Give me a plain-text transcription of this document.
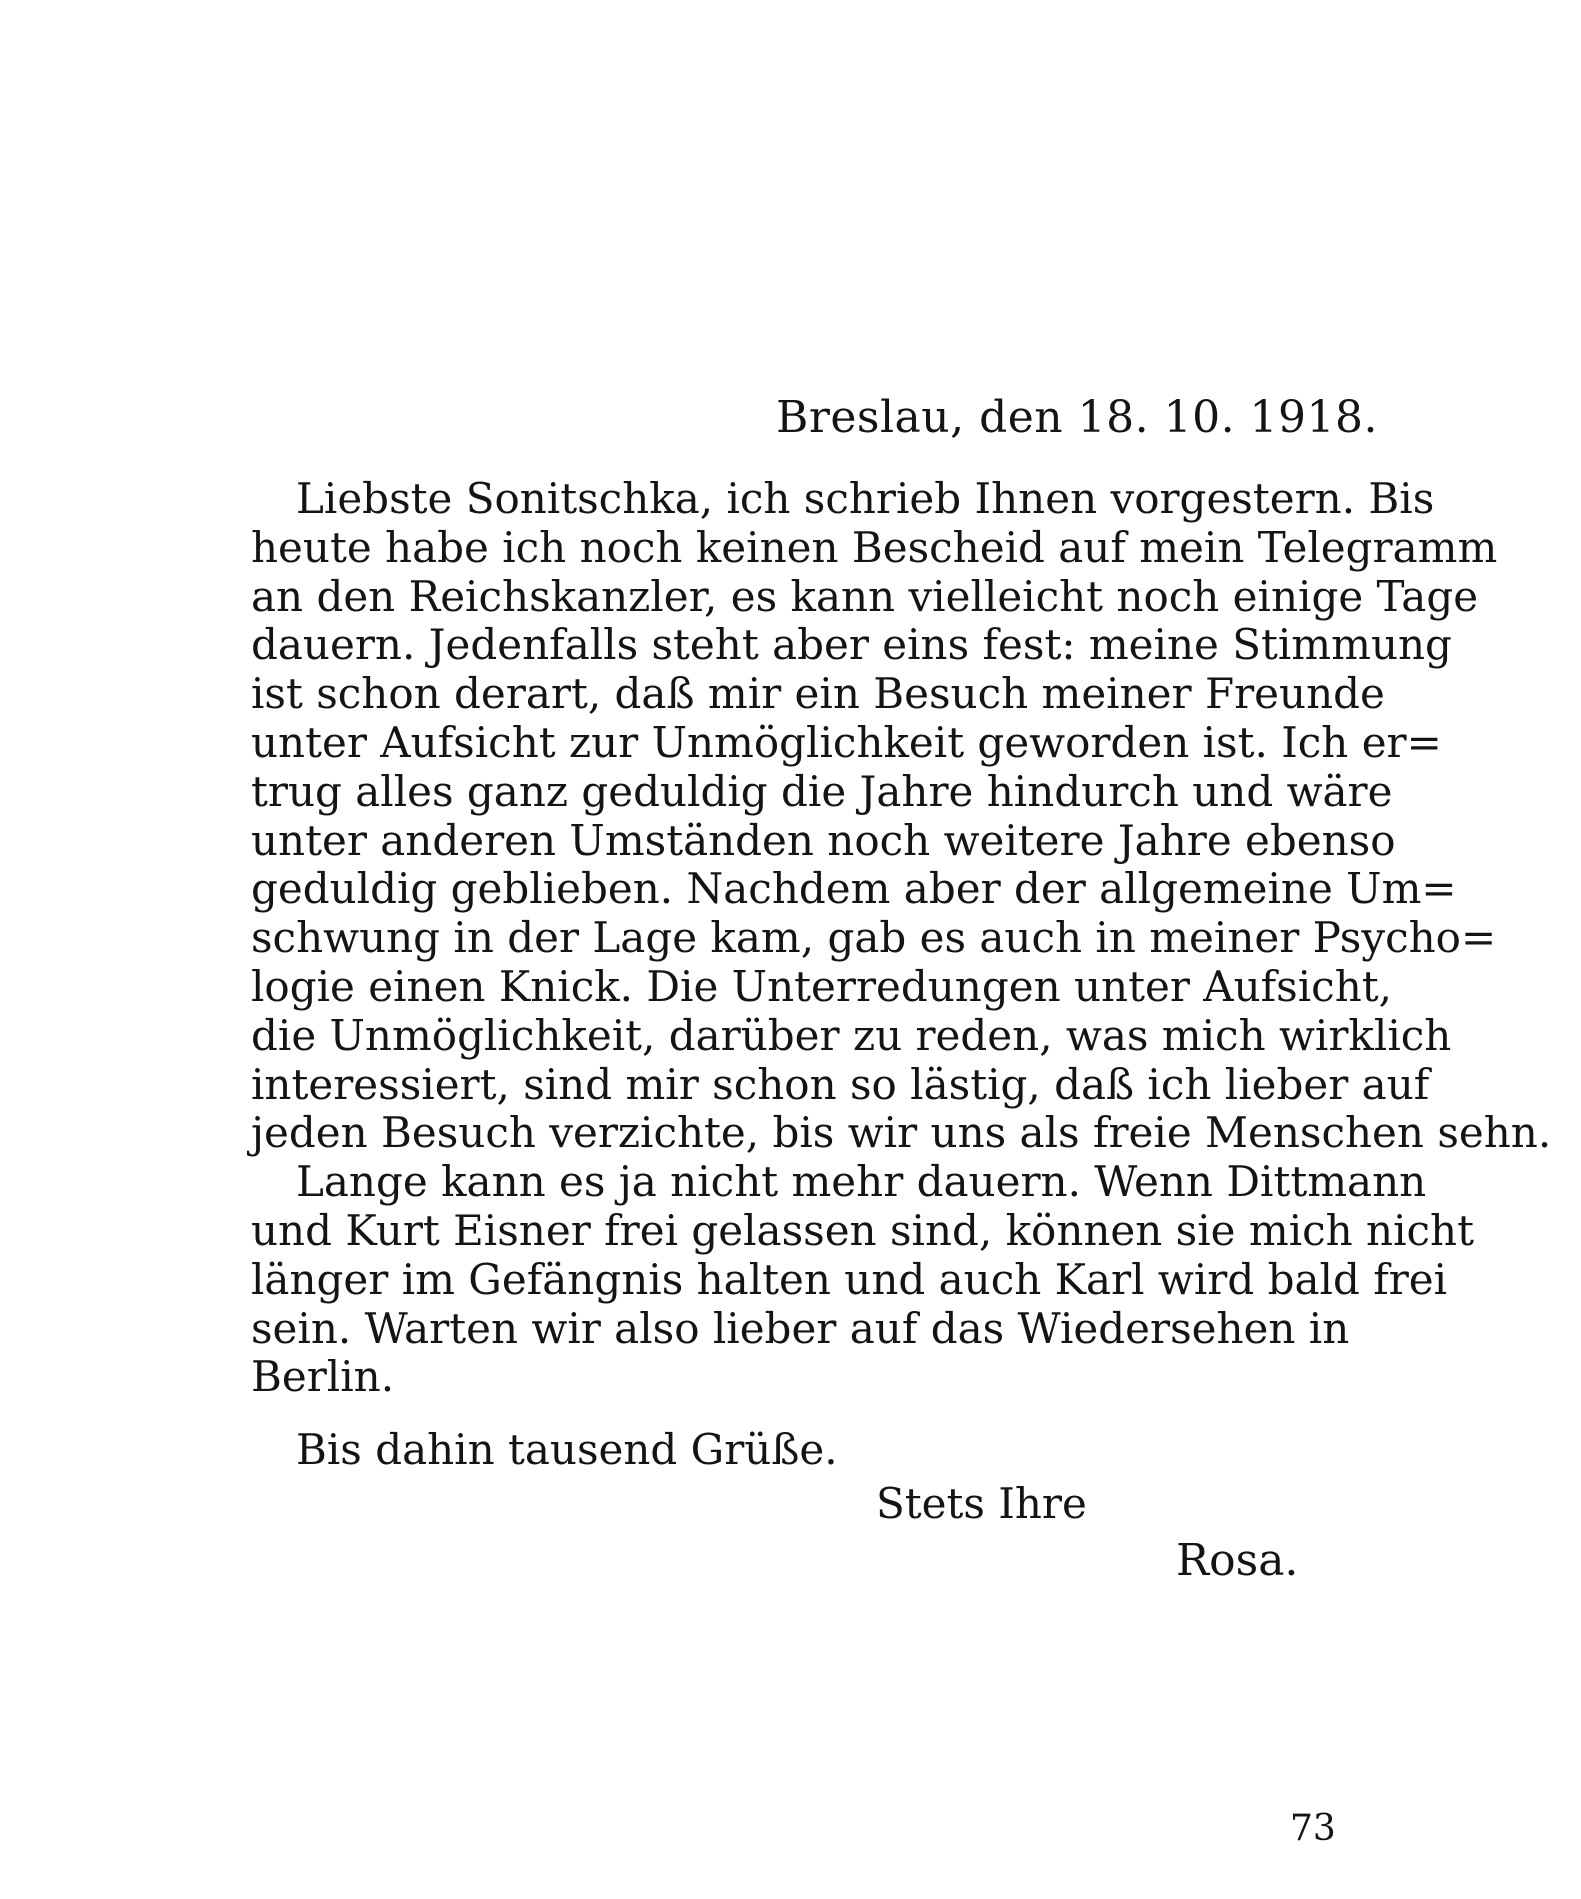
Breslau, den 18. 10. 1918.
Liebste Sonitschka, ich schrieb Ihnen vorgestern. Bis
heute habe ich noch keinen Bescheid auf mein Telegramm
an den Reichskanzler, es kann vielleicht noch einige Tage
dauern. Jedenfalls steht aber eins fest: meine Stimmung
ist schon derart, daß mir ein Besuch meiner Freunde
unter Aufsicht zur Unmöglichkeit geworden ist. Ich er=
trug alles ganz geduldig die Jahre hindurch und wäre
unter anderen Umständen noch weitere Jahre ebenso
geduldig geblieben. Nachdem aber der allgemeine Um=
schwung in der Lage kam, gab es auch in meiner Psycho=
logie einen Knick. Die Unterredungen unter Aufsicht,
die Unmöglichkeit, darüber zu reden, was mich wirklich
interessiert, sind mir schon so lästig, daß ich lieber auf
jeden Besuch verzichte, bis wir uns als freie Menschen sehn.
Lange kann es ja nicht mehr dauern. Wenn Dittmann
und Kurt Eisner frei gelassen sind, können sie mich nicht
länger im Gefängnis halten und auch Karl wird bald frei
sein. Warten wir also lieber auf das Wiedersehen in
Berlin.
Bis dahin tausend Grüße.
Stets Ihre
Rosa.
73
